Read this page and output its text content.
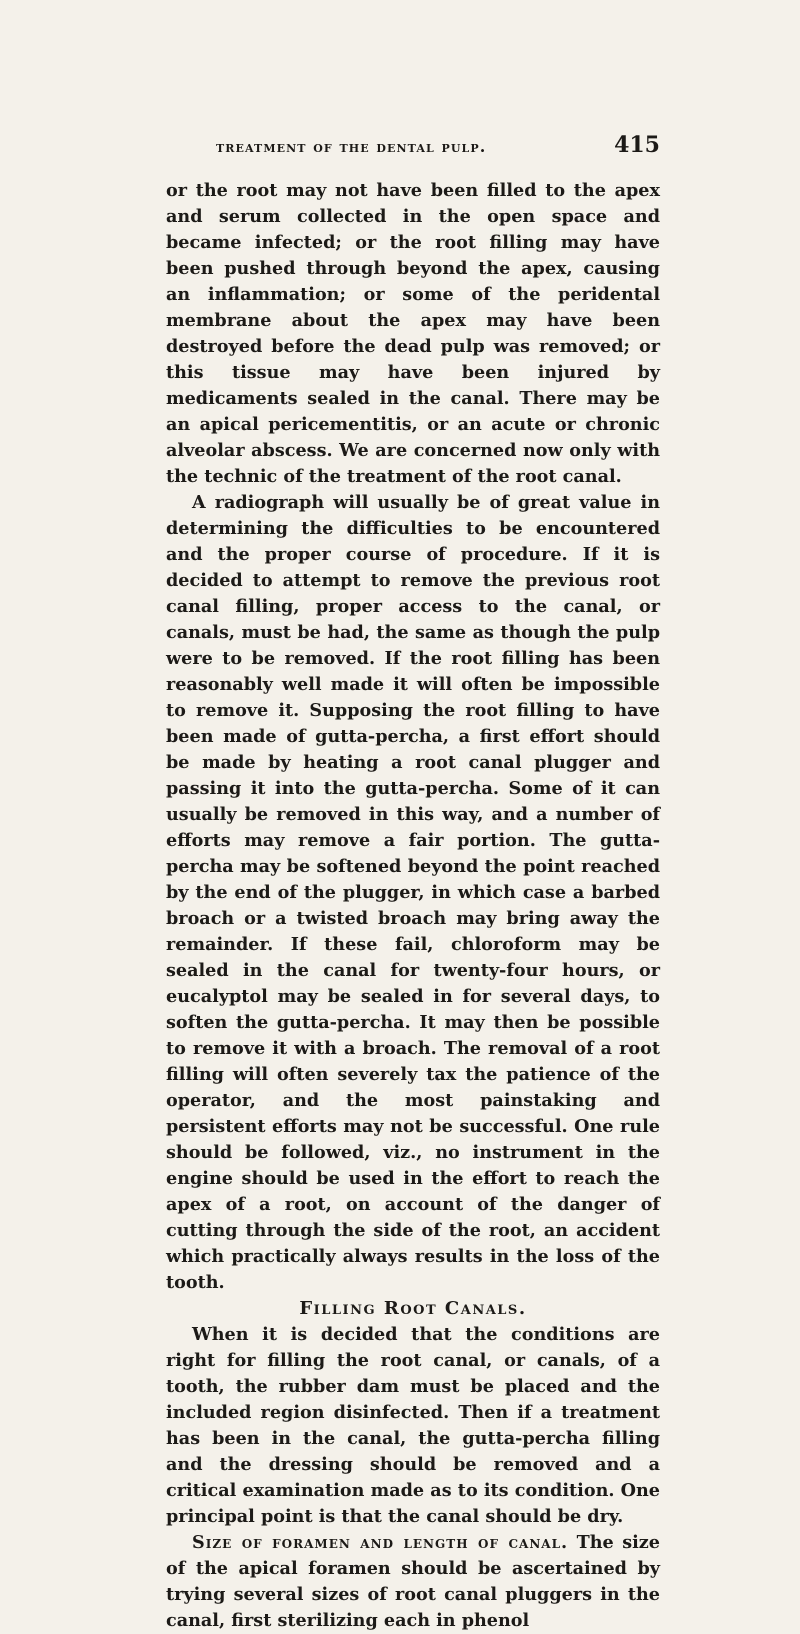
treatment of the dental pulp.	415

or the root may not have been filled to the apex and serum collected in the open space and became infected; or the root filling may have been pushed through beyond the apex, causing an inflammation; or some of the peridental membrane about the apex may have been destroyed before the dead pulp was removed; or this tissue may have been injured by medicaments sealed in the canal. There may be an apical pericementitis, or an acute or chronic alveolar abscess. We are concerned now only with the technic of the treatment of the root canal.

A radiograph will usually be of great value in determining the difficulties to be encountered and the proper course of procedure. If it is decided to attempt to remove the previous root canal filling, proper access to the canal, or canals, must be had, the same as though the pulp were to be removed. If the root filling has been reasonably well made it will often be impossible to remove it. Supposing the root filling to have been made of gutta-percha, a first effort should be made by heating a root canal plugger and passing it into the gutta-percha. Some of it can usually be removed in this way, and a number of efforts may remove a fair portion. The gutta-percha may be softened beyond the point reached by the end of the plugger, in which case a barbed broach or a twisted broach may bring away the remainder. If these fail, chloroform may be sealed in the canal for twenty-four hours, or eucalyptol may be sealed in for several days, to soften the gutta-percha. It may then be possible to remove it with a broach. The removal of a root filling will often severely tax the patience of the operator, and the most painstaking and persistent efforts may not be successful. One rule should be followed, viz., no instrument in the engine should be used in the effort to reach the apex of a root, on account of the danger of cutting through the side of the root, an accident which practically always results in the loss of the tooth.

Filling Root Canals.

When it is decided that the conditions are right for filling the root canal, or canals, of a tooth, the rubber dam must be placed and the included region disinfected. Then if a treatment has been in the canal, the gutta-percha filling and the dressing should be removed and a critical examination made as to its condition. One principal point is that the canal should be dry.

Size of foramen and length of canal. The size of the apical foramen should be ascertained by trying several sizes of root canal pluggers in the canal, first sterilizing each in phenol
